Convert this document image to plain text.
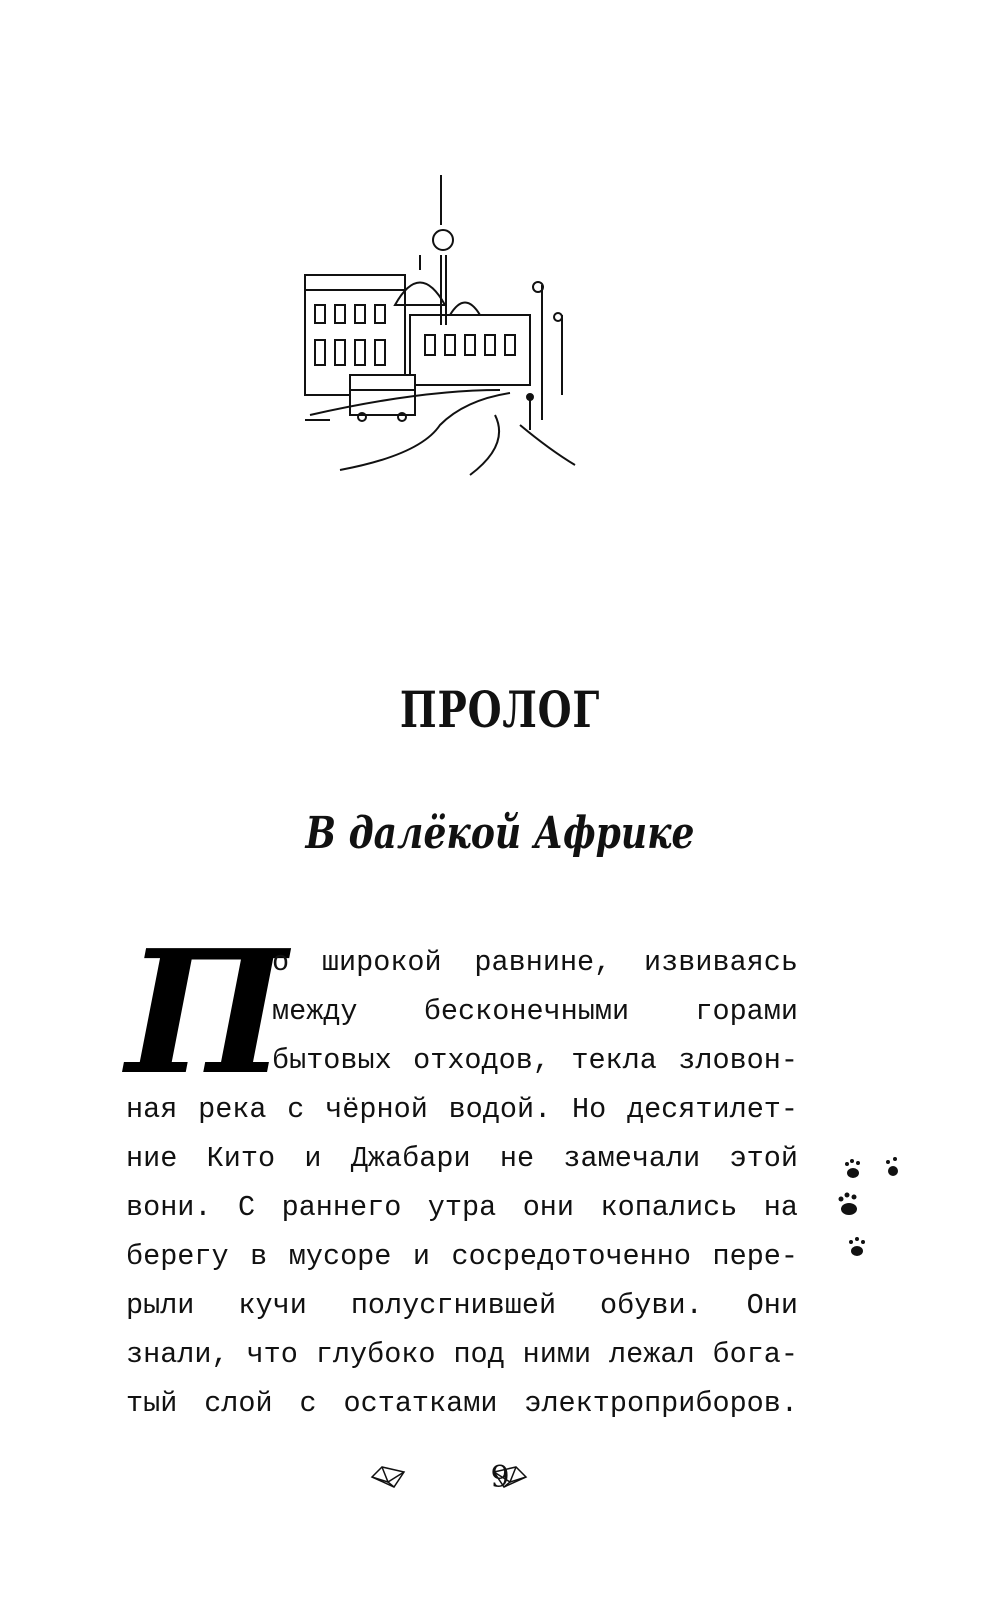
ПРОЛОГ
В далёкой Африке
П
о широкой равнине, извиваясь
между бесконечными горами
бытовых отходов, текла зловон-
ная река с чёрной водой. Но десятилет-
ние Кито и Джабари не замечали этой
вони. С раннего утра они копались на
берегу в мусоре и сосредоточенно пере-
рыли кучи полусгнившей обуви. Они
знали, что глубоко под ними лежал бога-
тый слой с остатками электроприборов.
9
